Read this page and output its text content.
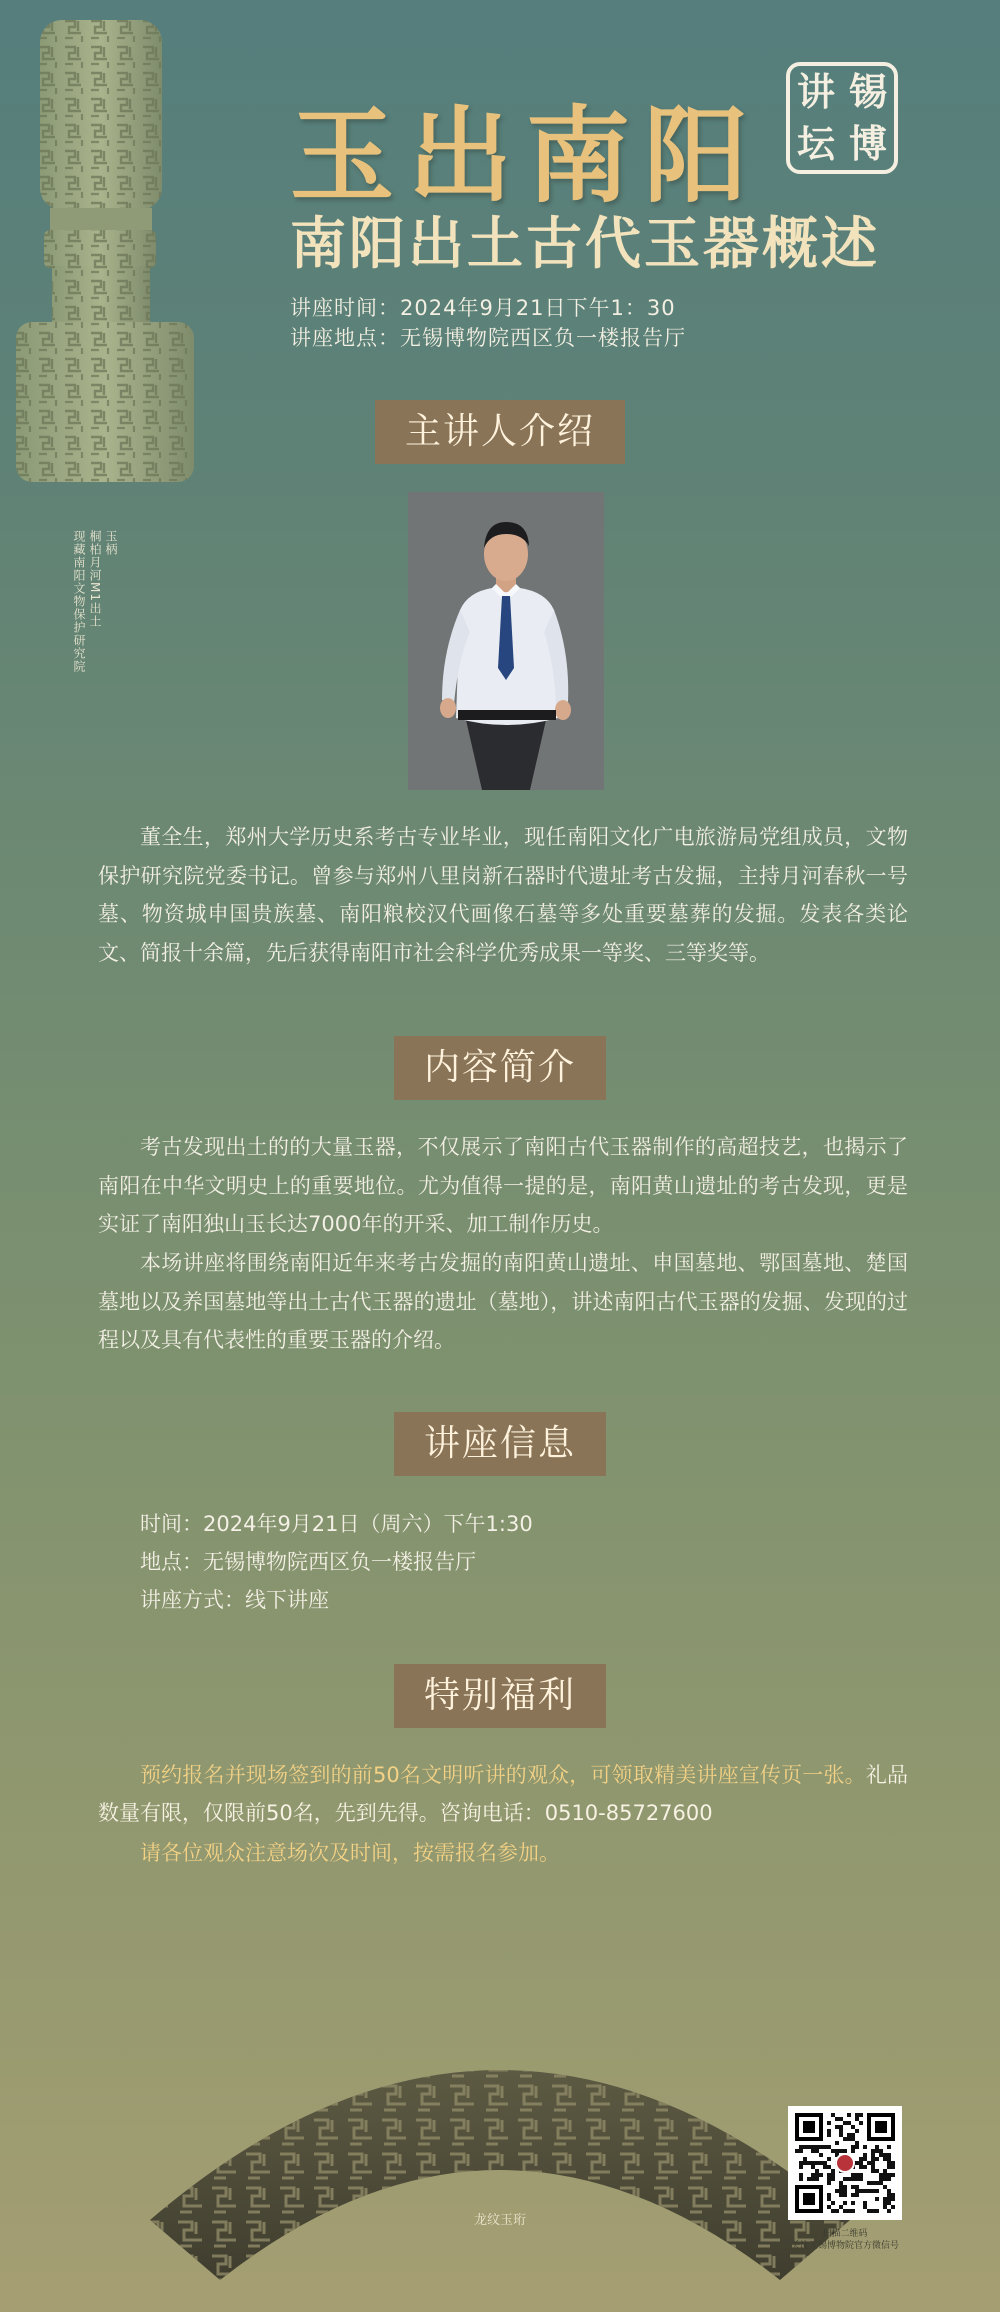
玉柄
桐柏月河M1出土
现藏南阳文物保护研究院
玉出南阳
讲 锡
坛 博
南阳出土古代玉器概述
讲座时间：2024年9月21日下午1：30
讲座地点：无锡博物院西区负一楼报告厅
主讲人介绍
董全生，郑州大学历史系考古专业毕业，现任南阳文化广电旅游局党组成员，文物保护研究院党委书记。曾参与郑州八里岗新石器时代遗址考古发掘，主持月河春秋一号墓、物资城申国贵族墓、南阳粮校汉代画像石墓等多处重要墓葬的发掘。发表各类论文、简报十余篇，先后获得南阳市社会科学优秀成果一等奖、三等奖等。
内容简介
考古发现出土的的大量玉器，不仅展示了南阳古代玉器制作的高超技艺，也揭示了南阳在中华文明史上的重要地位。尤为值得一提的是，南阳黄山遗址的考古发现，更是实证了南阳独山玉长达7000年的开采、加工制作历史。
本场讲座将围绕南阳近年来考古发掘的南阳黄山遗址、申国墓地、鄂国墓地、楚国墓地以及养国墓地等出土古代玉器的遗址（墓地），讲述南阳古代玉器的发掘、发现的过程以及具有代表性的重要玉器的介绍。
讲座信息
时间：2024年9月21日（周六）下午1:30
地点：无锡博物院西区负一楼报告厅
讲座方式：线下讲座
特别福利
预约报名并现场签到的前50名文明听讲的观众，可领取精美讲座宣传页一张。礼品数量有限，仅限前50名，先到先得。咨询电话：0510-85727600
请各位观众注意场次及时间，按需报名参加。
龙纹玉珩
扫描二维码
关注无锡博物院官方微信号
